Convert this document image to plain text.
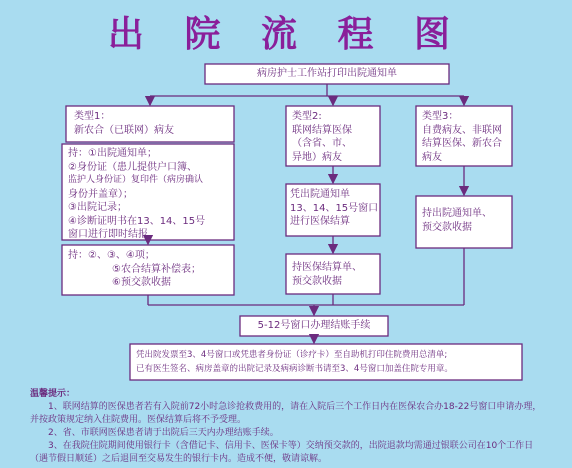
出 院 流 程 图
病房护士工作站打印出院通知单
类型1：
新农合（已联网）病友
类型2:
联网结算医保
（含省、市、
异地）病友
类型3：
自费病友、非联网
结算医保、新农合
病友
持：①出院通知单；
②身份证（患儿提供户口簿、
监护人身份证）复印件（病房确认
身份并盖章）；
③出院记录；
④诊断证明书在13、14、15号
窗口进行即时结报。
凭出院通知单
13、14、15号窗口
进行医保结算
持出院通知单、
预交款收据
持：②、③、④项；
⑤农合结算补偿表；
⑥预交款收据
持医保结算单、
预交款收据
5-12号窗口办理结账手续
凭出院发票至3、4号窗口或凭患者身份证（诊疗卡）至自助机打印住院费用总清单;
已有医生签名、病房盖章的出院记录及病病诊断书请至3、4号窗口加盖住院专用章。
温馨提示：
1、联网结算的医保患者若有入院前72小时急诊抢救费用的，请在入院后三个工作日内在医保农合办18-22号窗口申请办理，并按政策规定纳入住院费用。医保结算后将不予受理。
2、省、市联网医保患者请于出院后三天内办理结账手续。
3、在我院住院期间使用银行卡（含借记卡、信用卡、医保卡等）交纳预交款的，出院退款均需通过银联公司在10个工作日（遇节假日顺延）之后退回至交易发生的银行卡内。造成不便，敬请谅解。
